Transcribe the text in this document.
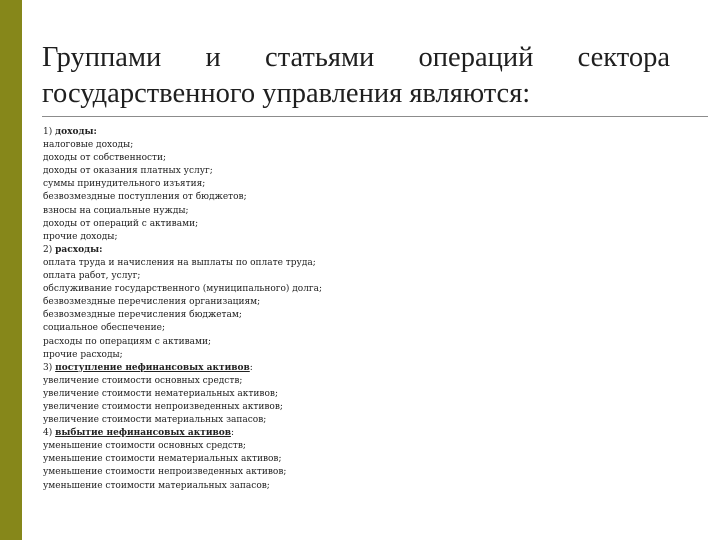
Группами и статьями операций сектора
государственного управления являются:
1) доходы:
налоговые доходы;
доходы от собственности;
доходы от оказания платных услуг;
суммы принудительного изъятия;
безвозмездные поступления от бюджетов;
взносы на социальные нужды;
доходы от операций с активами;
прочие доходы;
2) расходы:
оплата труда и начисления на выплаты по оплате труда;
оплата работ, услуг;
обслуживание государственного (муниципального) долга;
безвозмездные перечисления организациям;
безвозмездные перечисления бюджетам;
социальное обеспечение;
расходы по операциям с активами;
прочие расходы;
3) поступление нефинансовых активов:
увеличение стоимости основных средств;
увеличение стоимости нематериальных активов;
увеличение стоимости непроизведенных активов;
увеличение стоимости материальных запасов;
4) выбытие нефинансовых активов:
уменьшение стоимости основных средств;
уменьшение стоимости нематериальных активов;
уменьшение стоимости непроизведенных активов;
уменьшение стоимости материальных запасов;
